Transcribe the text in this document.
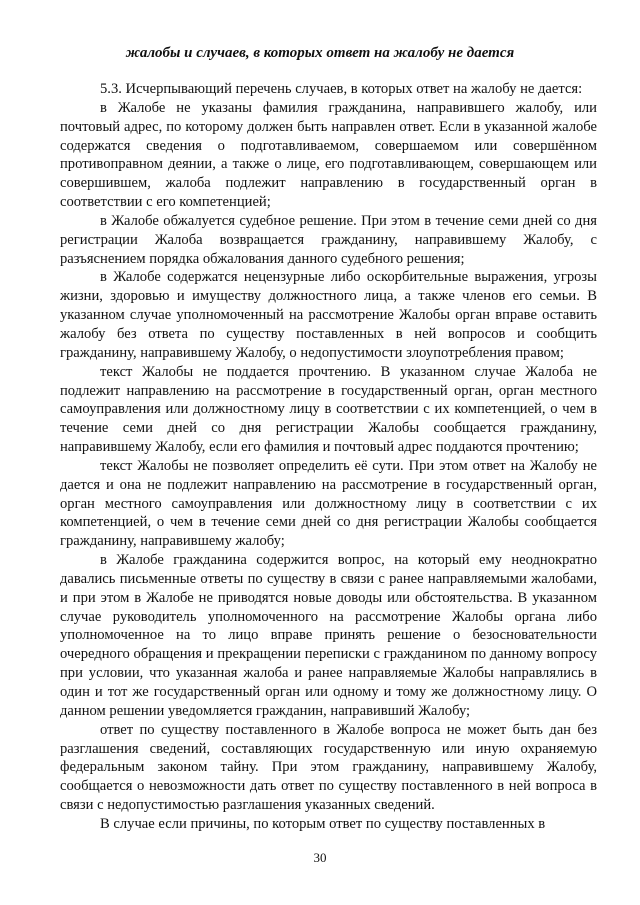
жалобы и случаев, в которых ответ на жалобу не дается

5.3. Исчерпывающий перечень случаев, в которых ответ на жалобу не дается:

в Жалобе не указаны фамилия гражданина, направившего жалобу, или почтовый адрес, по которому должен быть направлен ответ. Если в указанной жалобе содержатся сведения о подготавливаемом, совершаемом или совершённом противоправном деянии, а также о лице, его подготавливающем, совершающем или совершившем, жалоба подлежит направлению в государственный орган в соответствии с его компетенцией;

в Жалобе обжалуется судебное решение. При этом в течение семи дней со дня регистрации Жалоба возвращается гражданину, направившему Жалобу, с разъяснением порядка обжалования данного судебного решения;

в Жалобе содержатся нецензурные либо оскорбительные выражения, угрозы жизни, здоровью и имуществу должностного лица, а также членов его семьи. В указанном случае уполномоченный на рассмотрение Жалобы орган вправе оставить жалобу без ответа по существу поставленных в ней вопросов и сообщить гражданину, направившему Жалобу, о недопустимости злоупотребления правом;

текст Жалобы не поддается прочтению. В указанном случае Жалоба не подлежит направлению на рассмотрение в государственный орган, орган местного самоуправления или должностному лицу в соответствии с их компетенцией, о чем в течение семи дней со дня регистрации Жалобы сообщается гражданину, направившему Жалобу, если его фамилия и почтовый адрес поддаются прочтению;

текст Жалобы не позволяет определить её сути. При этом ответ на Жалобу не дается и она не подлежит направлению на рассмотрение в государственный орган, орган местного самоуправления или должностному лицу в соответствии с их компетенцией, о чем в течение семи дней со дня регистрации Жалобы сообщается гражданину, направившему жалобу;

в Жалобе гражданина содержится вопрос, на который ему неоднократно давались письменные ответы по существу в связи с ранее направляемыми жалобами, и при этом в Жалобе не приводятся новые доводы или обстоятельства. В указанном случае руководитель уполномоченного на рассмотрение Жалобы органа либо уполномоченное на то лицо вправе принять решение о безосновательности очередного обращения и прекращении переписки с гражданином по данному вопросу при условии, что указанная жалоба и ранее направляемые Жалобы направлялись в один и тот же государственный орган или одному и тому же должностному лицу. О данном решении уведомляется гражданин, направивший Жалобу;

ответ по существу поставленного в Жалобе вопроса не может быть дан без разглашения сведений, составляющих государственную или иную охраняемую федеральным законом тайну. При этом гражданину, направившему Жалобу, сообщается о невозможности дать ответ по существу поставленного в ней вопроса в связи с недопустимостью разглашения указанных сведений.

В случае если причины, по которым ответ по существу поставленных в

30
